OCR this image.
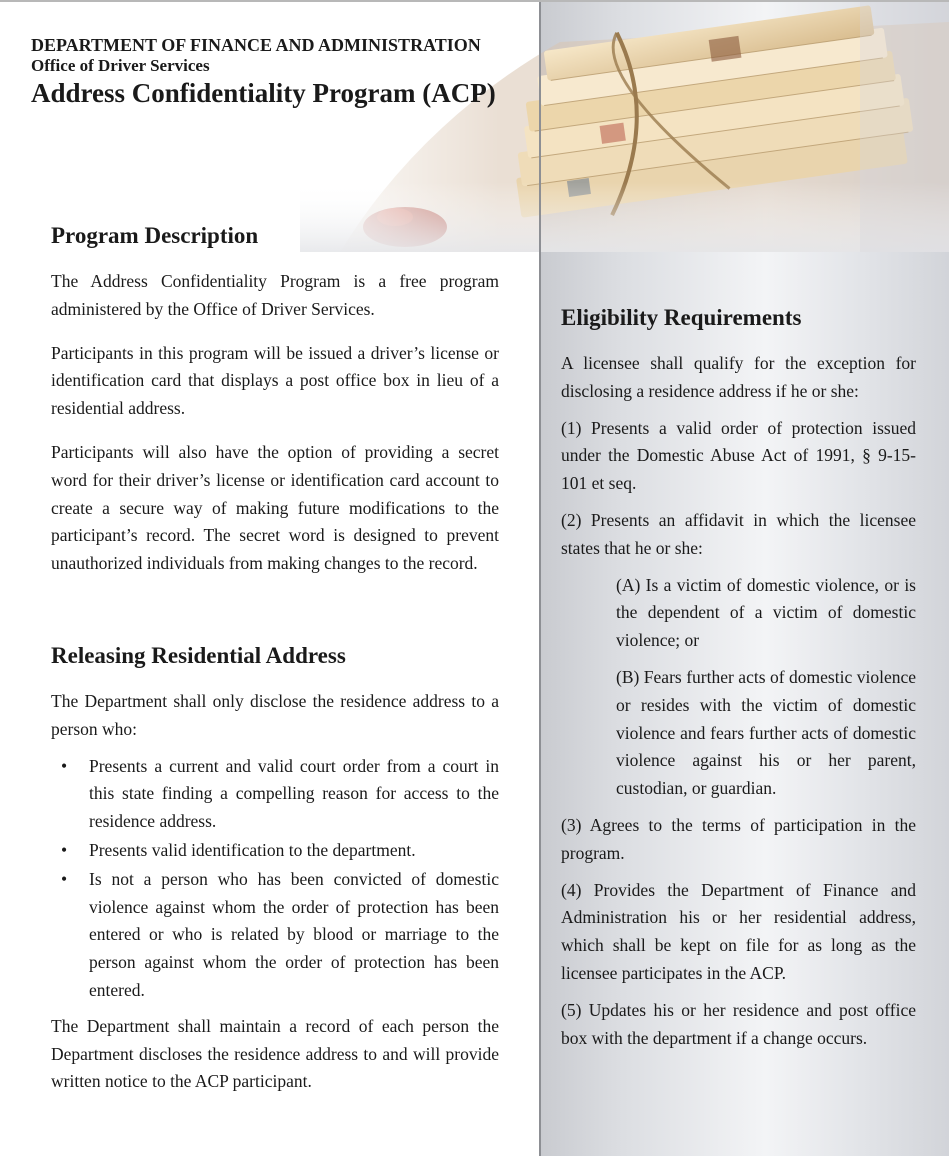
DEPARTMENT OF FINANCE AND ADMINISTRATION
Office of Driver Services
Address Confidentiality Program (ACP)
Program Description

The Address Confidentiality Program is a free program administered by the Office of Driver Services.

Participants in this program will be issued a driver’s license or identification card that displays a post office box in lieu of a residential address.

Participants will also have the option of providing a secret word for their driver’s license or identification card account to create a secure way of making future modifications to the participant’s record. The secret word is designed to prevent unauthorized individuals from making changes to the record.

Releasing Residential Address

The Department shall only disclose the residence address to a person who:

• Presents a current and valid court order from a court in this state finding a compelling reason for access to the residence address.
• Presents valid identification to the department.
• Is not a person who has been convicted of domestic violence against whom the order of protection has been entered or who is related by blood or marriage to the person against whom the order of protection has been entered.

The Department shall maintain a record of each person the Department discloses the residence address to and will provide written notice to the ACP participant.

Eligibility Requirements

A licensee shall qualify for the exception for disclosing a residence address if he or she:

(1) Presents a valid order of protection issued under the Domestic Abuse Act of 1991, § 9-15-101 et seq.

(2) Presents an affidavit in which the licensee states that he or she:

(A) Is a victim of domestic violence, or is the dependent of a victim of domestic violence; or

(B) Fears further acts of domestic violence or resides with the victim of domestic violence and fears further acts of domestic violence against his or her parent, custodian, or guardian.

(3) Agrees to the terms of participation in the program.

(4) Provides the Department of Finance and Administration his or her residential address, which shall be kept on file for as long as the licensee participates in the ACP.

(5) Updates his or her residence and post office box with the department if a change occurs.
